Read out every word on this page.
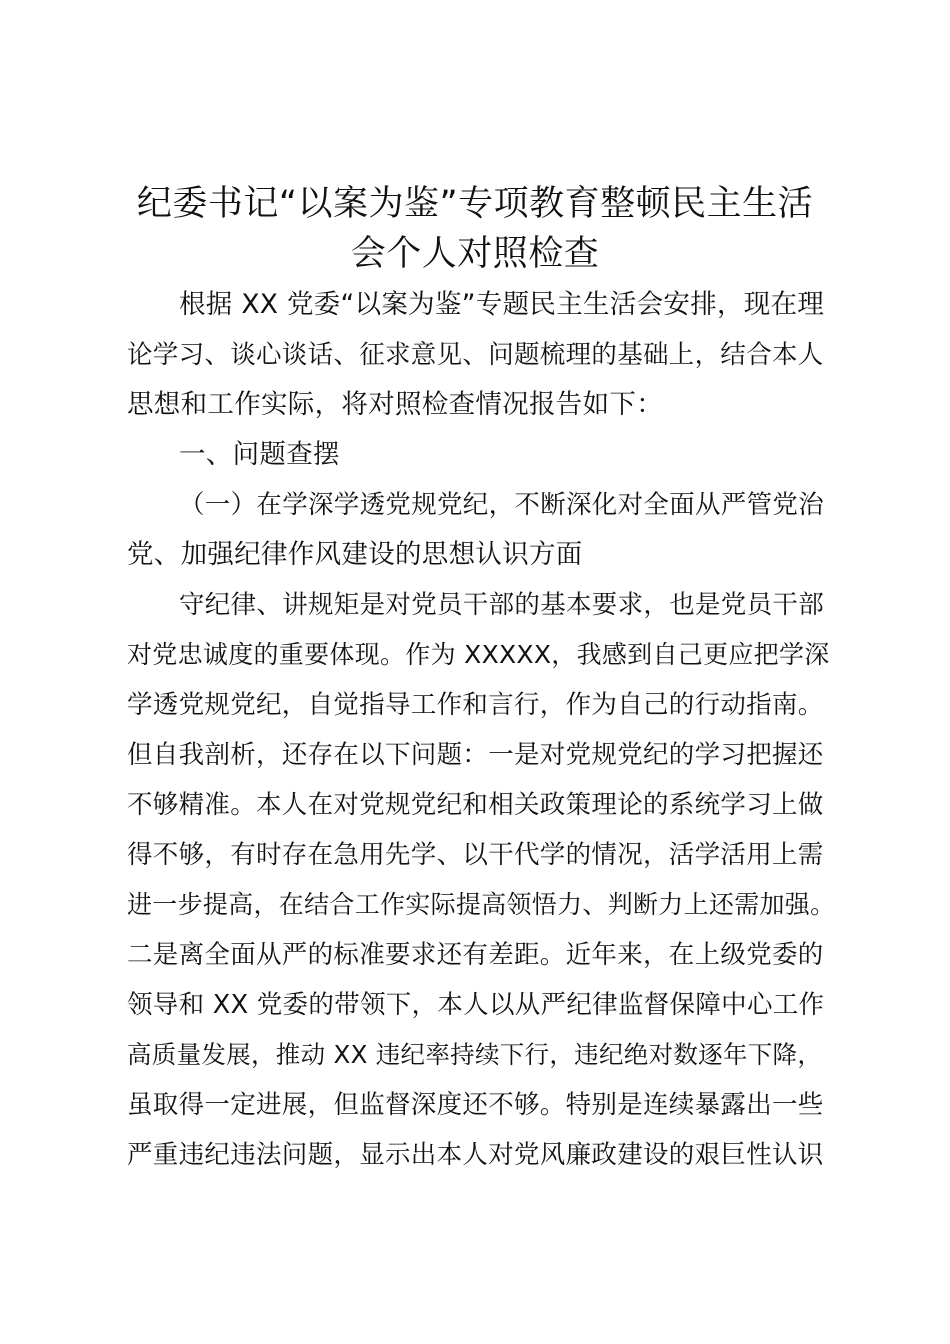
纪委书记“以案为鉴”专项教育整顿民主生活
会个人对照检查
根据 XX 党委“以案为鉴”专题民主生活会安排，现在理
论学习、谈心谈话、征求意见、问题梳理的基础上，结合本人
思想和工作实际，将对照检查情况报告如下：
一、问题查摆
（一）在学深学透党规党纪，不断深化对全面从严管党治
党、加强纪律作风建设的思想认识方面
守纪律、讲规矩是对党员干部的基本要求，也是党员干部
对党忠诚度的重要体现。作为 XXXXX，我感到自己更应把学深
学透党规党纪，自觉指导工作和言行，作为自己的行动指南。
但自我剖析，还存在以下问题：一是对党规党纪的学习把握还
不够精准。本人在对党规党纪和相关政策理论的系统学习上做
得不够，有时存在急用先学、以干代学的情况，活学活用上需
进一步提高，在结合工作实际提高领悟力、判断力上还需加强。
二是离全面从严的标准要求还有差距。近年来，在上级党委的
领导和 XX 党委的带领下，本人以从严纪律监督保障中心工作
高质量发展，推动 XX 违纪率持续下行，违纪绝对数逐年下降，
虽取得一定进展，但监督深度还不够。特别是连续暴露出一些
严重违纪违法问题，显示出本人对党风廉政建设的艰巨性认识
